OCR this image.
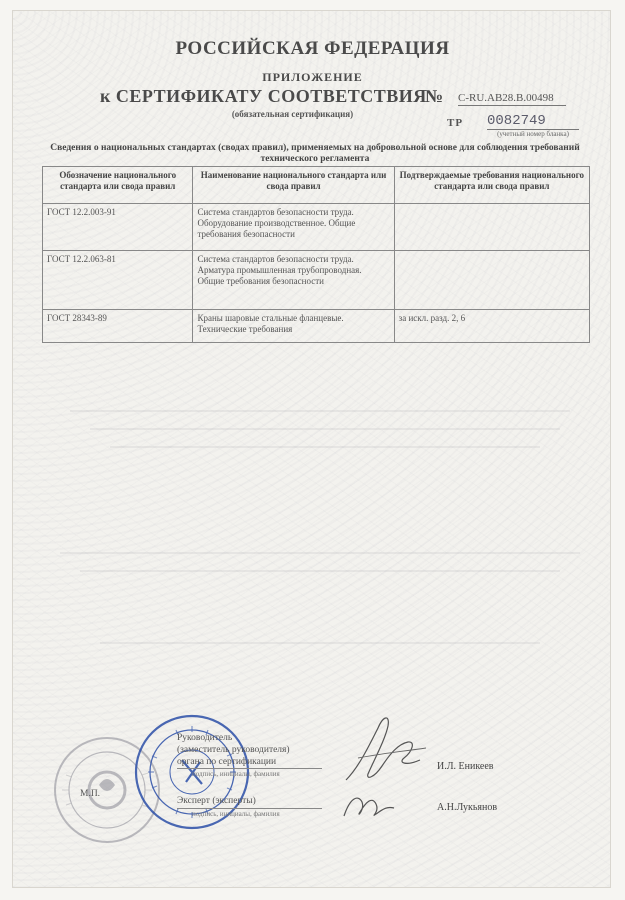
РОССИЙСКАЯ ФЕДЕРАЦИЯ
ПРИЛОЖЕНИЕ
к СЕРТИФИКАТУ СООТВЕТСТВИЯ
№ С-RU.АВ28.В.00498
(обязательная сертификация)
ТР 0082749
(учетный номер бланка)
Сведения о национальных стандартах (сводах правил), применяемых на добровольной основе для соблюдения требований технического регламента
Обозначение национального стандарта или свода правил	Наименование национального стандарта или свода правил	Подтверждаемые требования национального стандарта или свода правил
ГОСТ 12.2.003-91	Система стандартов безопасности труда. Оборудование производственное. Общие требования безопасности	
ГОСТ 12.2.063-81	Система стандартов безопасности труда. Арматура промышленная трубопроводная. Общие требования безопасности	
ГОСТ 28343-89	Краны шаровые стальные фланцевые. Технические требования	за искл. разд. 2, 6
Руководитель
(заместитель руководителя)
органа по сертификации
подпись, инициалы, фамилия
М.П.
Эксперт (эксперты)
подпись, инициалы, фамилия
И.Л. Еникеев
А.Н.Лукьянов
